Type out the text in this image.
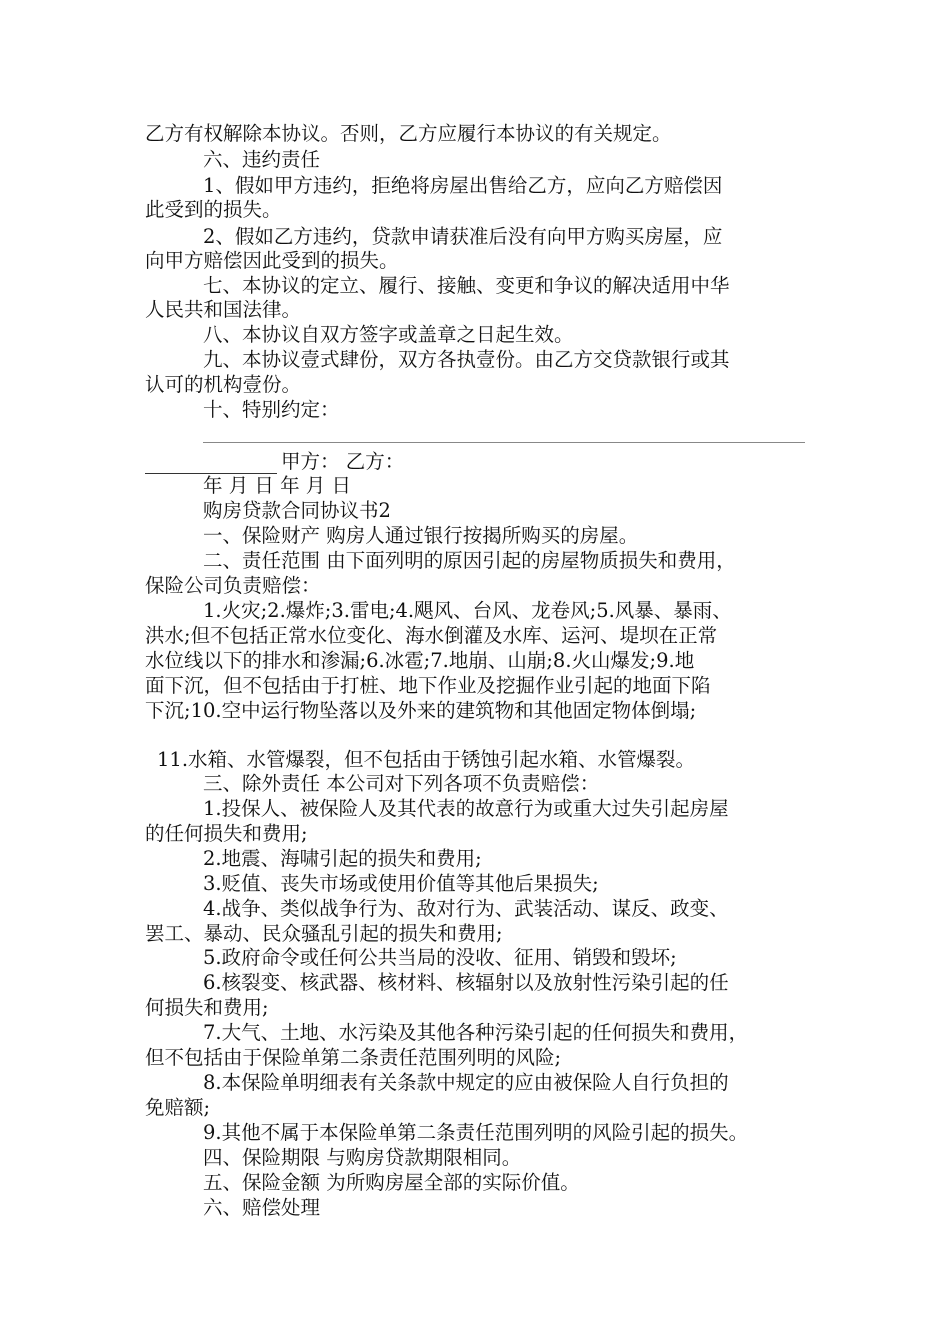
乙方有权解除本协议。否则，乙方应履行本协议的有关规定。
六、违约责任
1、假如甲方违约，拒绝将房屋出售给乙方，应向乙方赔偿因
此受到的损失。
2、假如乙方违约，贷款申请获准后没有向甲方购买房屋，应
向甲方赔偿因此受到的损失。
七、本协议的定立、履行、接触、变更和争议的解决适用中华
人民共和国法律。
八、本协议自双方签字或盖章之日起生效。
九、本协议壹式肆份，双方各执壹份。由乙方交贷款银行或其
认可的机构壹份。
十、特别约定：
甲方： 乙方：
年 月 日 年 月 日
购房贷款合同协议书2
一、保险财产 购房人通过银行按揭所购买的房屋。
二、责任范围 由下面列明的原因引起的房屋物质损失和费用，
保险公司负责赔偿：
1.火灾;2.爆炸;3.雷电;4.飓风、台风、龙卷风;5.风暴、暴雨、
洪水;但不包括正常水位变化、海水倒灌及水库、运河、堤坝在正常
水位线以下的排水和渗漏;6.冰雹;7.地崩、山崩;8.火山爆发;9.地
面下沉，但不包括由于打桩、地下作业及挖掘作业引起的地面下陷
下沉;10.空中运行物坠落以及外来的建筑物和其他固定物体倒塌;
11.水箱、水管爆裂，但不包括由于锈蚀引起水箱、水管爆裂。
三、除外责任 本公司对下列各项不负责赔偿：
1.投保人、被保险人及其代表的故意行为或重大过失引起房屋
的任何损失和费用;
2.地震、海啸引起的损失和费用;
3.贬值、丧失市场或使用价值等其他后果损失;
4.战争、类似战争行为、敌对行为、武装活动、谋反、政变、
罢工、暴动、民众骚乱引起的损失和费用;
5.政府命令或任何公共当局的没收、征用、销毁和毁坏;
6.核裂变、核武器、核材料、核辐射以及放射性污染引起的任
何损失和费用;
7.大气、土地、水污染及其他各种污染引起的任何损失和费用，
但不包括由于保险单第二条责任范围列明的风险;
8.本保险单明细表有关条款中规定的应由被保险人自行负担的
免赔额;
9.其他不属于本保险单第二条责任范围列明的风险引起的损失。
四、保险期限 与购房贷款期限相同。
五、保险金额 为所购房屋全部的实际价值。
六、赔偿处理
